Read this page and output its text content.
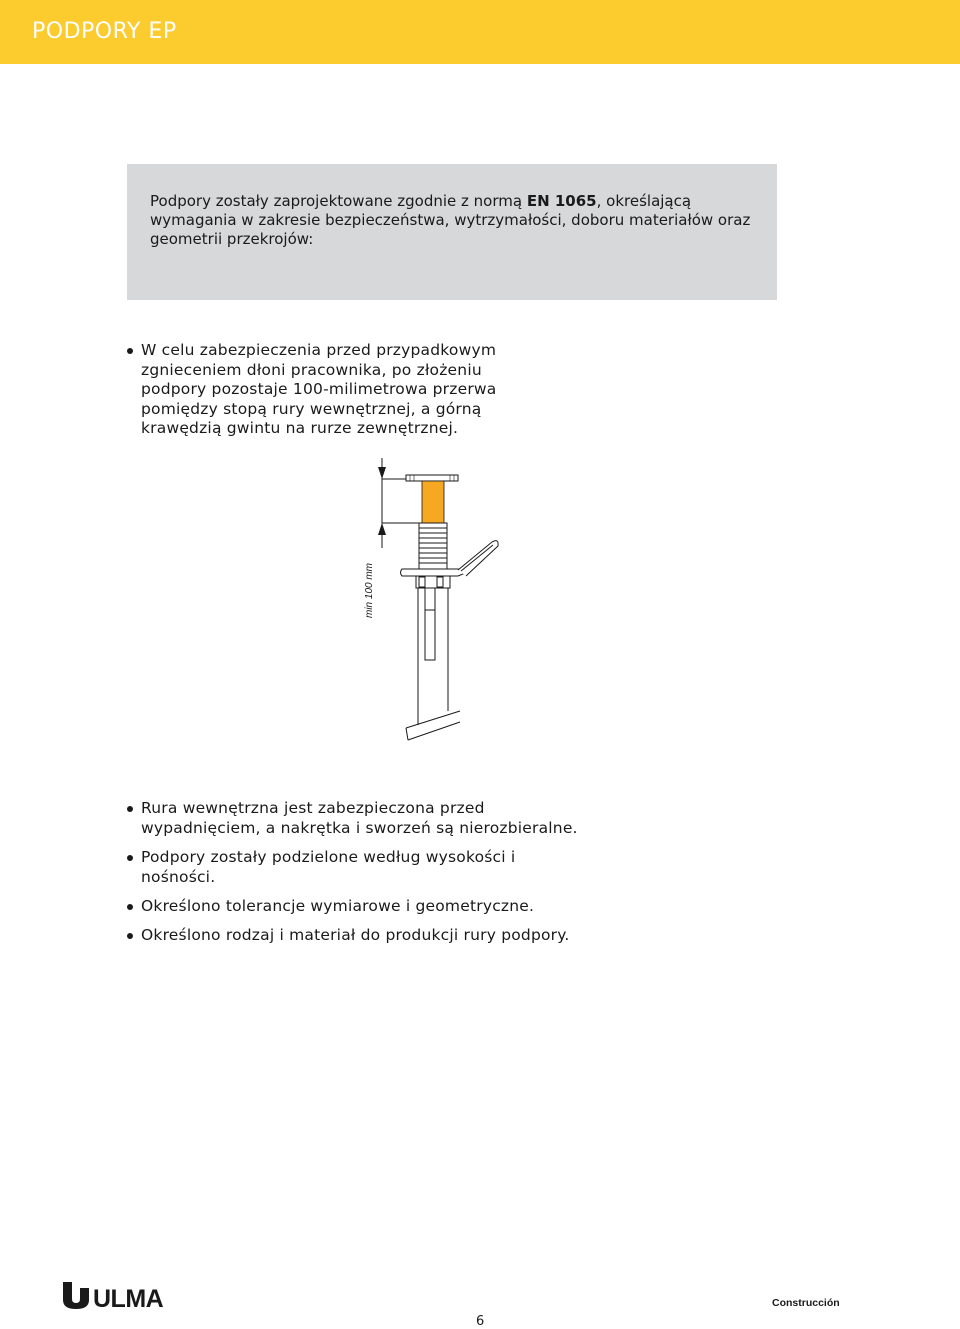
PODPORY EP
Podpory zostały zaprojektowane zgodnie z normą EN 1065, określającą wymagania w zakresie bezpieczeństwa, wytrzymałości, doboru materiałów oraz geometrii przekrojów:
W celu zabezpieczenia przed przypadkowym zgnieceniem dłoni pracownika, po złożeniu podpory pozostaje 100-milimetrowa przerwa pomiędzy stopą rury wewnętrznej, a górną krawędzią gwintu na rurze zewnętrznej.
min 100 mm
Rura wewnętrzna jest zabezpieczona przed wypadnięciem, a nakrętka i sworzeń są nierozbieralne.
Podpory zostały podzielone według wysokości i nośności.
Określono tolerancje wymiarowe i geometryczne.
Określono rodzaj i materiał do produkcji rury podpory.
ULMA	Construcción
6
